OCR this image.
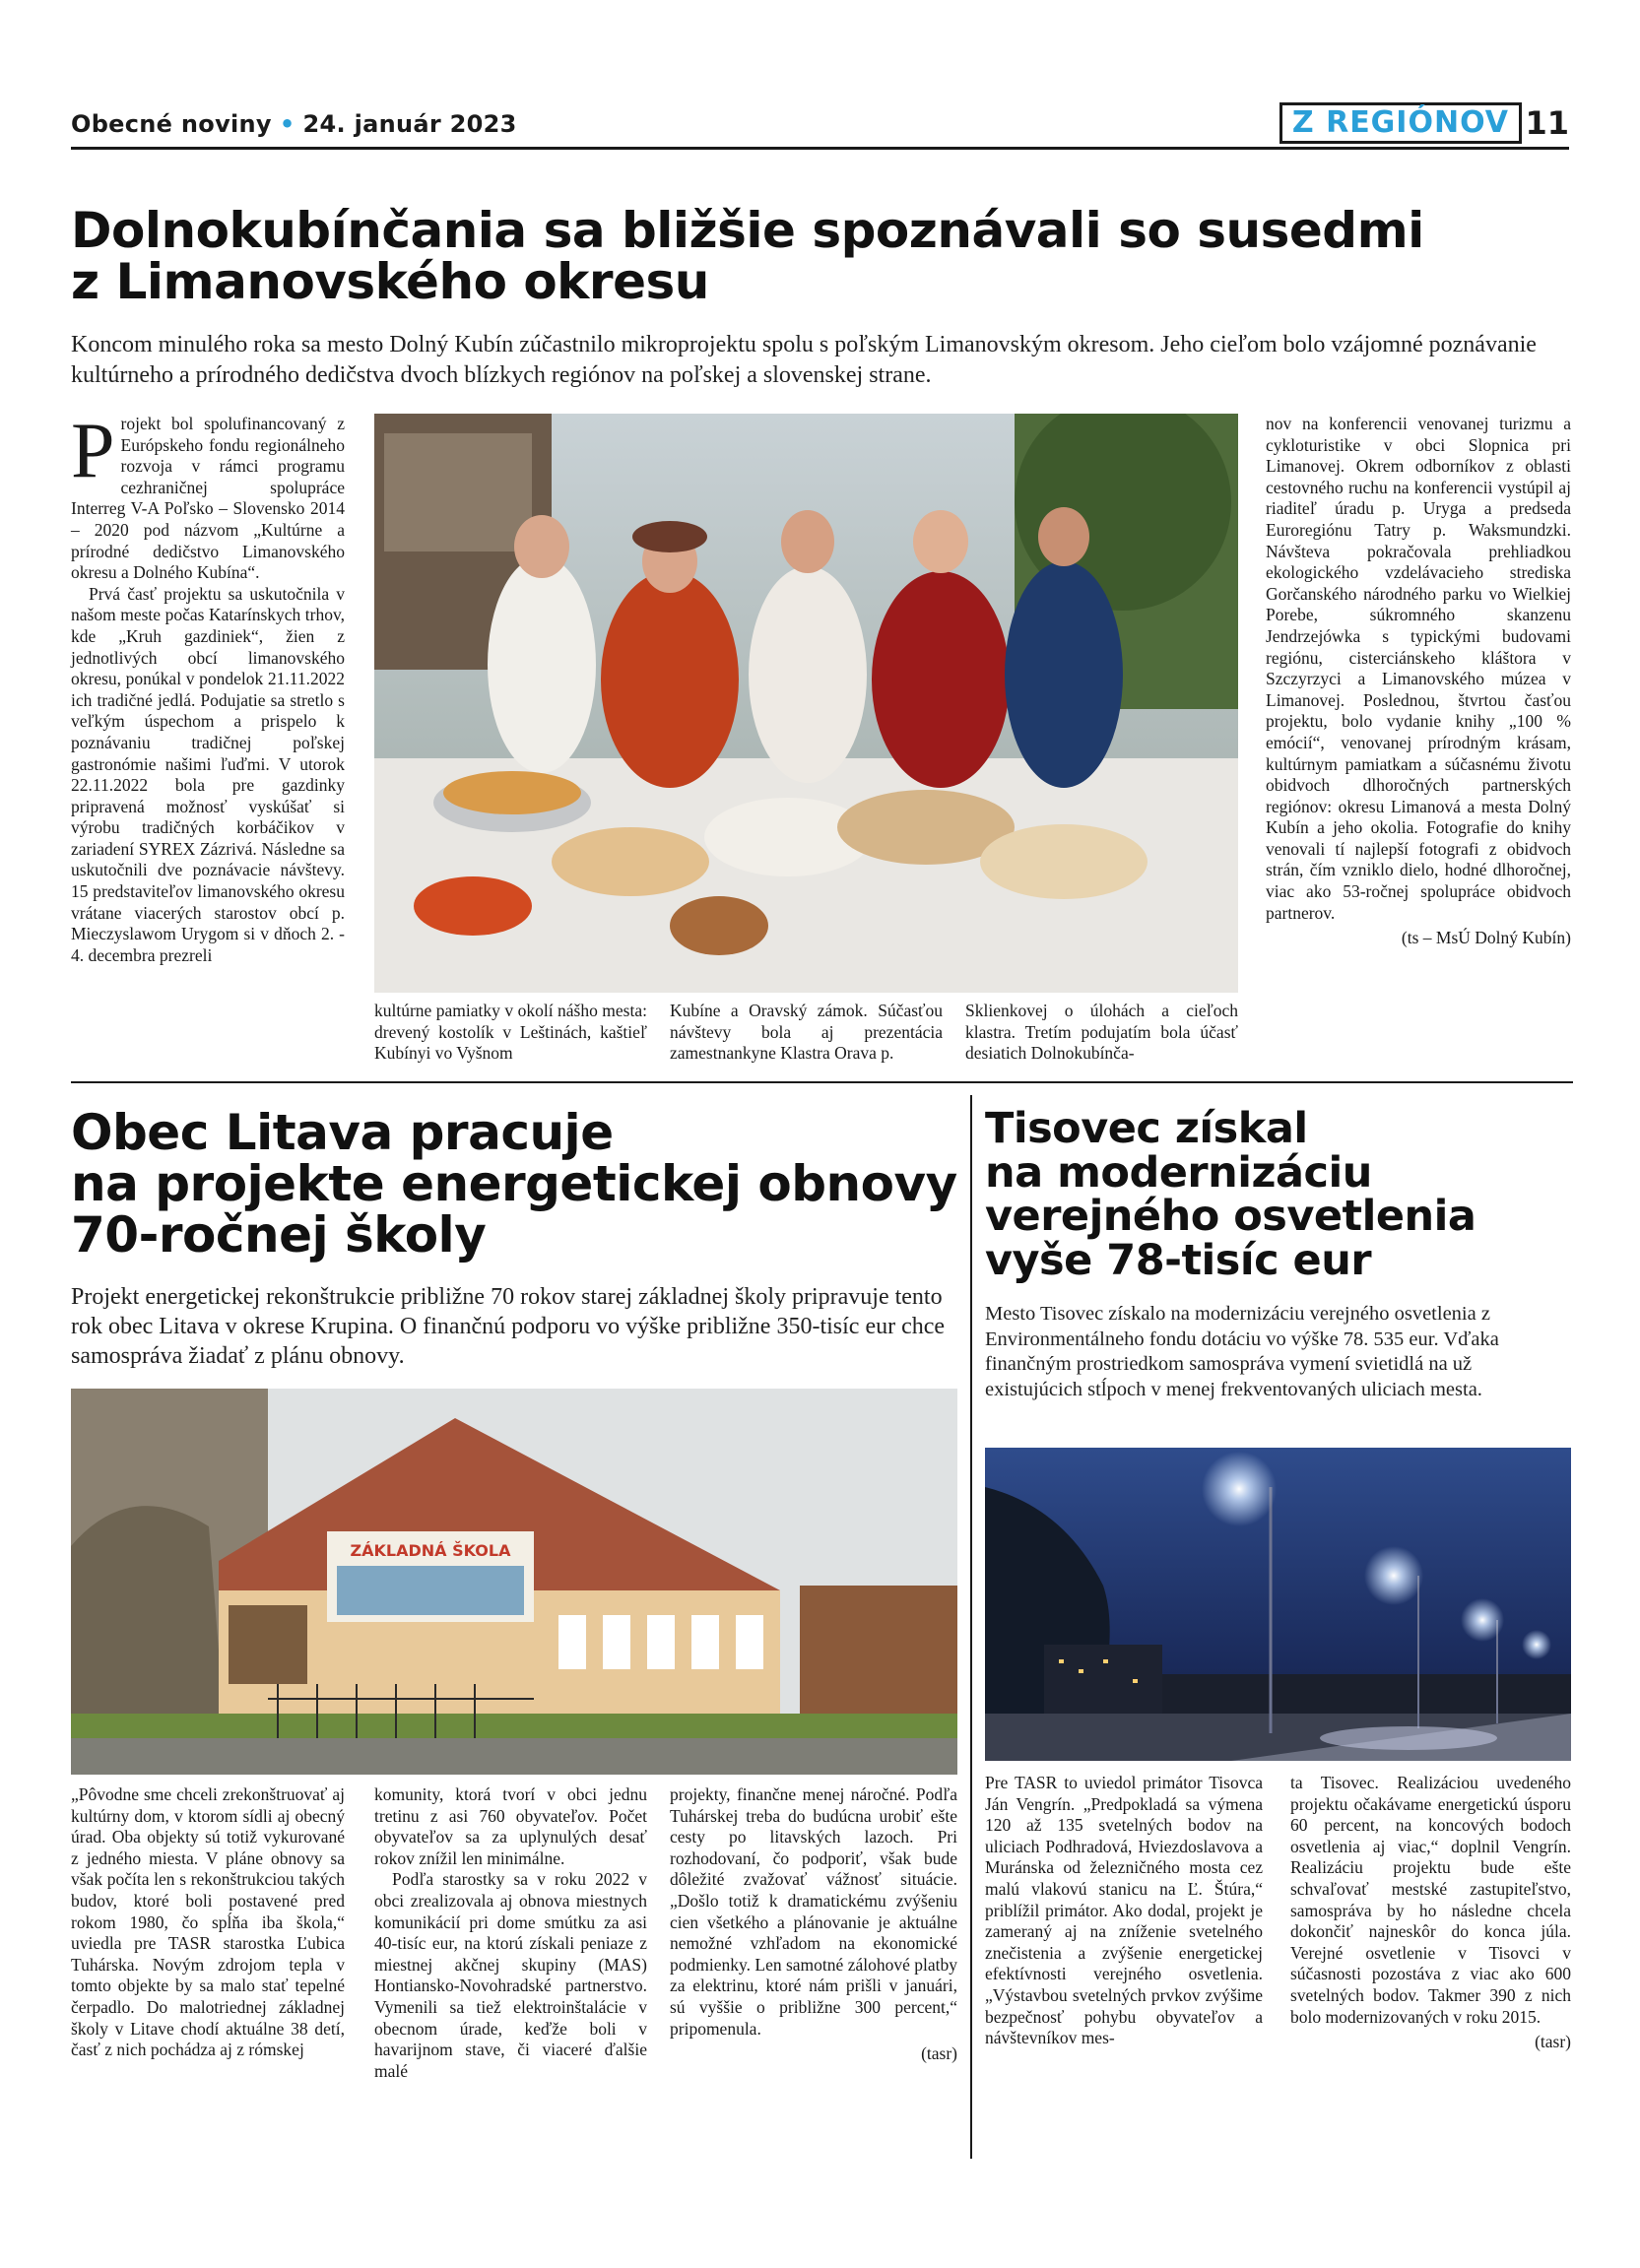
Obecné noviny • 24. január 2023	Z REGIÓNOV 11
Dolnokubínčania sa bližšie spoznávali so susedmi
z Limanovského okresu
Koncom minulého roka sa mesto Dolný Kubín zúčastnilo mikroprojektu spolu s poľským Limanovským okresom. Jeho cieľom bolo vzájomné poznávanie kultúrneho a prírodného dedičstva dvoch blízkych regiónov na poľskej a slovenskej strane.

Projekt bol spolufinancovaný z Európskeho fondu regionálneho rozvoja v rámci programu cezhraničnej spolupráce Interreg V-A Poľsko – Slovensko 2014 – 2020 pod názvom „Kultúrne a prírodné dedičstvo Limanovského okresu a Dolného Kubína“.

Prvá časť projektu sa uskutočnila v našom meste počas Katarínskych trhov, kde „Kruh gazdiniek“, žien z jednotlivých obcí limanovského okresu, ponúkal v pondelok 21.11.2022 ich tradičné jedlá. Podujatie sa stretlo s veľkým úspechom a prispelo k poznávaniu tradičnej poľskej gastronómie našimi ľuďmi. V utorok 22.11.2022 bola pre gazdinky pripravená možnosť vyskúšať si výrobu tradičných korbáčikov v zariadení SYREX Zázrivá. Následne sa uskutočnili dve poznávacie návštevy. 15 predstaviteľov limanovského okresu vrátane viacerých starostov obcí p. Mieczyslawom Urygom si v dňoch 2. - 4. decembra prezreli

kultúrne pamiatky v okolí nášho mesta: drevený kostolík v Leštinách, kaštieľ Kubínyi vo Vyšnom
Kubíne a Oravský zámok. Súčasťou návštevy bola aj prezentácia zamestnankyne Klastra Orava p.
Sklienkovej o úlohách a cieľoch klastra. Tretím podujatím bola účasť desiatich Dolnokubínča-

nov na konferencii venovanej turizmu a cykloturistike v obci Slopnica pri Limanovej. Okrem odborníkov z oblasti cestovného ruchu na konferencii vystúpil aj riaditeľ úradu p. Uryga a predseda Euroregiónu Tatry p. Waksmundzki. Návšteva pokračovala prehliadkou ekologického vzdelávacieho strediska Gorčanského národného parku vo Wielkiej Porebe, súkromného skanzenu Jendrzejówka s typickými budovami regiónu, cisterciánskeho kláštora v Szczyrzyci a Limanovského múzea v Limanovej. Poslednou, štvrtou časťou projektu, bolo vydanie knihy „100 % emócií“, venovanej prírodným krásam, kultúrnym pamiatkam a súčasnému životu obidvoch dlhoročných partnerských regiónov: okresu Limanová a mesta Dolný Kubín a jeho okolia. Fotografie do knihy venovali tí najlepší fotografi z obidvoch strán, čím vzniklo dielo, hodné dlhoročnej, viac ako 53-ročnej spolupráce obidvoch partnerov.

(ts – MsÚ Dolný Kubín)

Obec Litava pracuje
na projekte energetickej obnovy
70-ročnej školy
Projekt energetickej rekonštrukcie približne 70 rokov starej základnej školy pripravuje tento rok obec Litava v okrese Krupina. O finančnú podporu vo výške približne 350-tisíc eur chce samospráva žiadať z plánu obnovy.
ZÁKLADNÁ ŠKOLA
„Pôvodne sme chceli zrekonštruovať aj kultúrny dom, v ktorom sídli aj obecný úrad. Oba objekty sú totiž vykurované z jedného miesta. V pláne obnovy sa však počíta len s rekonštrukciou takých budov, ktoré boli postavené pred rokom 1980, čo spĺňa iba škola,“ uviedla pre TASR starostka Ľubica Tuhárska. Novým zdrojom tepla v tomto objekte by sa malo stať tepelné čerpadlo. Do malotriednej základnej školy v Litave chodí aktuálne 38 detí, časť z nich pochádza aj z rómskej

komunity, ktorá tvorí v obci jednu tretinu z asi 760 obyvateľov. Počet obyvateľov sa za uplynulých desať rokov znížil len minimálne.

Podľa starostky sa v roku 2022 v obci zrealizovala aj obnova miestnych komunikácií pri dome smútku za asi 40-tisíc eur, na ktorú získali peniaze z miestnej akčnej skupiny (MAS) Hontiansko-Novohradské partnerstvo. Vymenili sa tiež elektroinštalácie v obecnom úrade, keďže boli v havarijnom stave, či viaceré ďalšie malé

projekty, finančne menej náročné. Podľa Tuhárskej treba do budúcna urobiť ešte cesty po litavských lazoch. Pri rozhodovaní, čo podporiť, však bude dôležité zvažovať vážnosť situácie. „Došlo totiž k dramatickému zvýšeniu cien všetkého a plánovanie je aktuálne nemožné vzhľadom na ekonomické podmienky. Len samotné zálohové platby za elektrinu, ktoré nám prišli v januári, sú vyššie o približne 300 percent,“ pripomenula.

(tasr)

Tisovec získal
na modernizáciu
verejného osvetlenia
vyše 78-tisíc eur
Mesto Tisovec získalo na modernizáciu verejného osvetlenia z Environmentálneho fondu dotáciu vo výške 78. 535 eur. Vďaka finančným prostriedkom samospráva vymení svietidlá na už existujúcich stĺpoch v menej frekventovaných uliciach mesta.
Pre TASR to uviedol primátor Tisovca Ján Vengrín. „Predpokladá sa výmena 120 až 135 svetelných bodov na uliciach Podhradová, Hviezdoslavova a Muránska od železničného mosta cez malú vlakovú stanicu na Ľ. Štúra,“ priblížil primátor. Ako dodal, projekt je zameraný aj na zníženie svetelného znečistenia a zvýšenie energetickej efektívnosti verejného osvetlenia. „Výstavbou svetelných prvkov zvýšime bezpečnosť pohybu obyvateľov a návštevníkov mes-

ta Tisovec. Realizáciou uvedeného projektu očakávame energetickú úsporu 60 percent, na koncových bodoch osvetlenia aj viac,“ doplnil Vengrín. Realizáciu projektu bude ešte schvaľovať mestské zastupiteľstvo, samospráva by ho následne chcela dokončiť najneskôr do konca júla. Verejné osvetlenie v Tisovci v súčasnosti pozostáva z viac ako 600 svetelných bodov. Takmer 390 z nich bolo modernizovaných v roku 2015.

(tasr)
